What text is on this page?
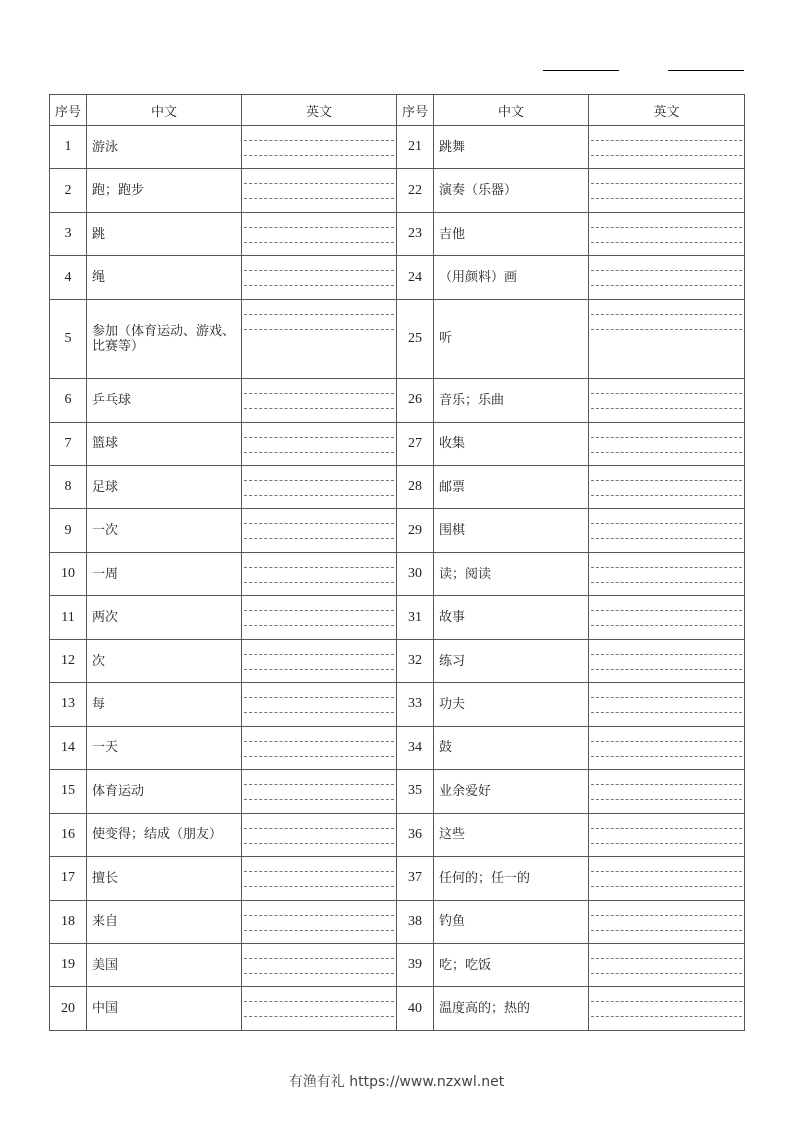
序号	中文	英文	序号	中文	英文
1	游泳		21	跳舞	

2	跑；跑步		22	演奏（乐器）	

3	跳		23	吉他	

4	绳		24	（用颜料）画	

5	参加（体育运动、游戏、比赛等）		25	听	

6	乒乓球		26	音乐；乐曲	

7	篮球		27	收集	

8	足球		28	邮票	

9	一次		29	围棋	

10	一周		30	读；阅读	

11	两次		31	故事	

12	次		32	练习	

13	每		33	功夫	

14	一天		34	鼓	

15	体育运动		35	业余爱好	

16	使变得；结成（朋友）		36	这些	

17	擅长		37	任何的；任一的	

18	来自		38	钓鱼	

19	美国		39	吃；吃饭	

20	中国		40	温度高的；热的	
有渔有礼 https://www.nzxwl.net
